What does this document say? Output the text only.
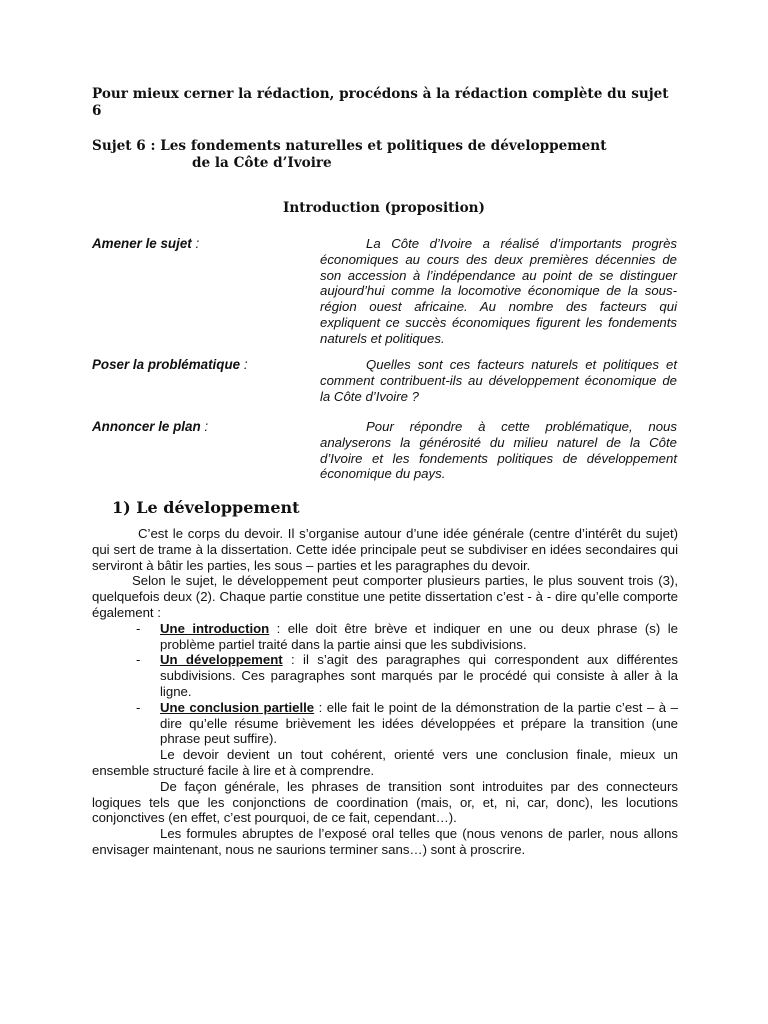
Pour mieux cerner la rédaction, procédons à la rédaction complète du sujet 6
Sujet 6 : Les fondements naturelles et politiques de développement
de la Côte d’Ivoire
Introduction (proposition)
Amener le sujet :	La Côte d’Ivoire a réalisé d’importants progrès économiques au cours des deux premières décennies de son accession à l’indépendance au point de se distinguer aujourd’hui comme la locomotive économique de la sous-région ouest africaine. Au nombre des facteurs qui expliquent ce succès économiques figurent les fondements naturels et politiques.
Poser la problématique :	Quelles sont ces facteurs naturels et politiques et comment contribuent-ils au développement économique de la Côte d’Ivoire ?
Annoncer le plan :	Pour répondre à cette problématique, nous analyserons la générosité du milieu naturel de la Côte d’Ivoire et les fondements politiques de développement économique du pays.
1) Le développement

C’est le corps du devoir. Il s’organise autour d’une idée générale (centre d’intérêt du sujet) qui sert de trame à la dissertation. Cette idée principale peut se subdiviser en idées secondaires qui serviront à bâtir les parties, les sous – parties et les paragraphes du devoir.

Selon le sujet, le développement peut comporter plusieurs parties, le plus souvent trois (3), quelquefois deux (2). Chaque partie constitue une petite dissertation c’est - à - dire qu’elle comporte également :

- Une introduction : elle doit être brève et indiquer en une ou deux phrase (s) le problème partiel traité dans la partie ainsi que les subdivisions.
- Un développement : il s’agit des paragraphes qui correspondent aux différentes subdivisions. Ces paragraphes sont marqués par le procédé qui consiste à aller à la ligne.
- Une conclusion partielle : elle fait le point de la démonstration de la partie c’est – à – dire qu’elle résume brièvement les idées développées et prépare la transition (une phrase peut suffire).

Le devoir devient un tout cohérent, orienté vers une conclusion finale, mieux un ensemble structuré facile à lire et à comprendre.

De façon générale, les phrases de transition sont introduites par des connecteurs logiques tels que les conjonctions de coordination (mais, or, et, ni, car, donc), les locutions conjonctives (en effet, c’est pourquoi, de ce fait, cependant…).

Les formules abruptes de l’exposé oral telles que (nous venons de parler, nous allons envisager maintenant, nous ne saurions terminer sans…) sont à proscrire.
